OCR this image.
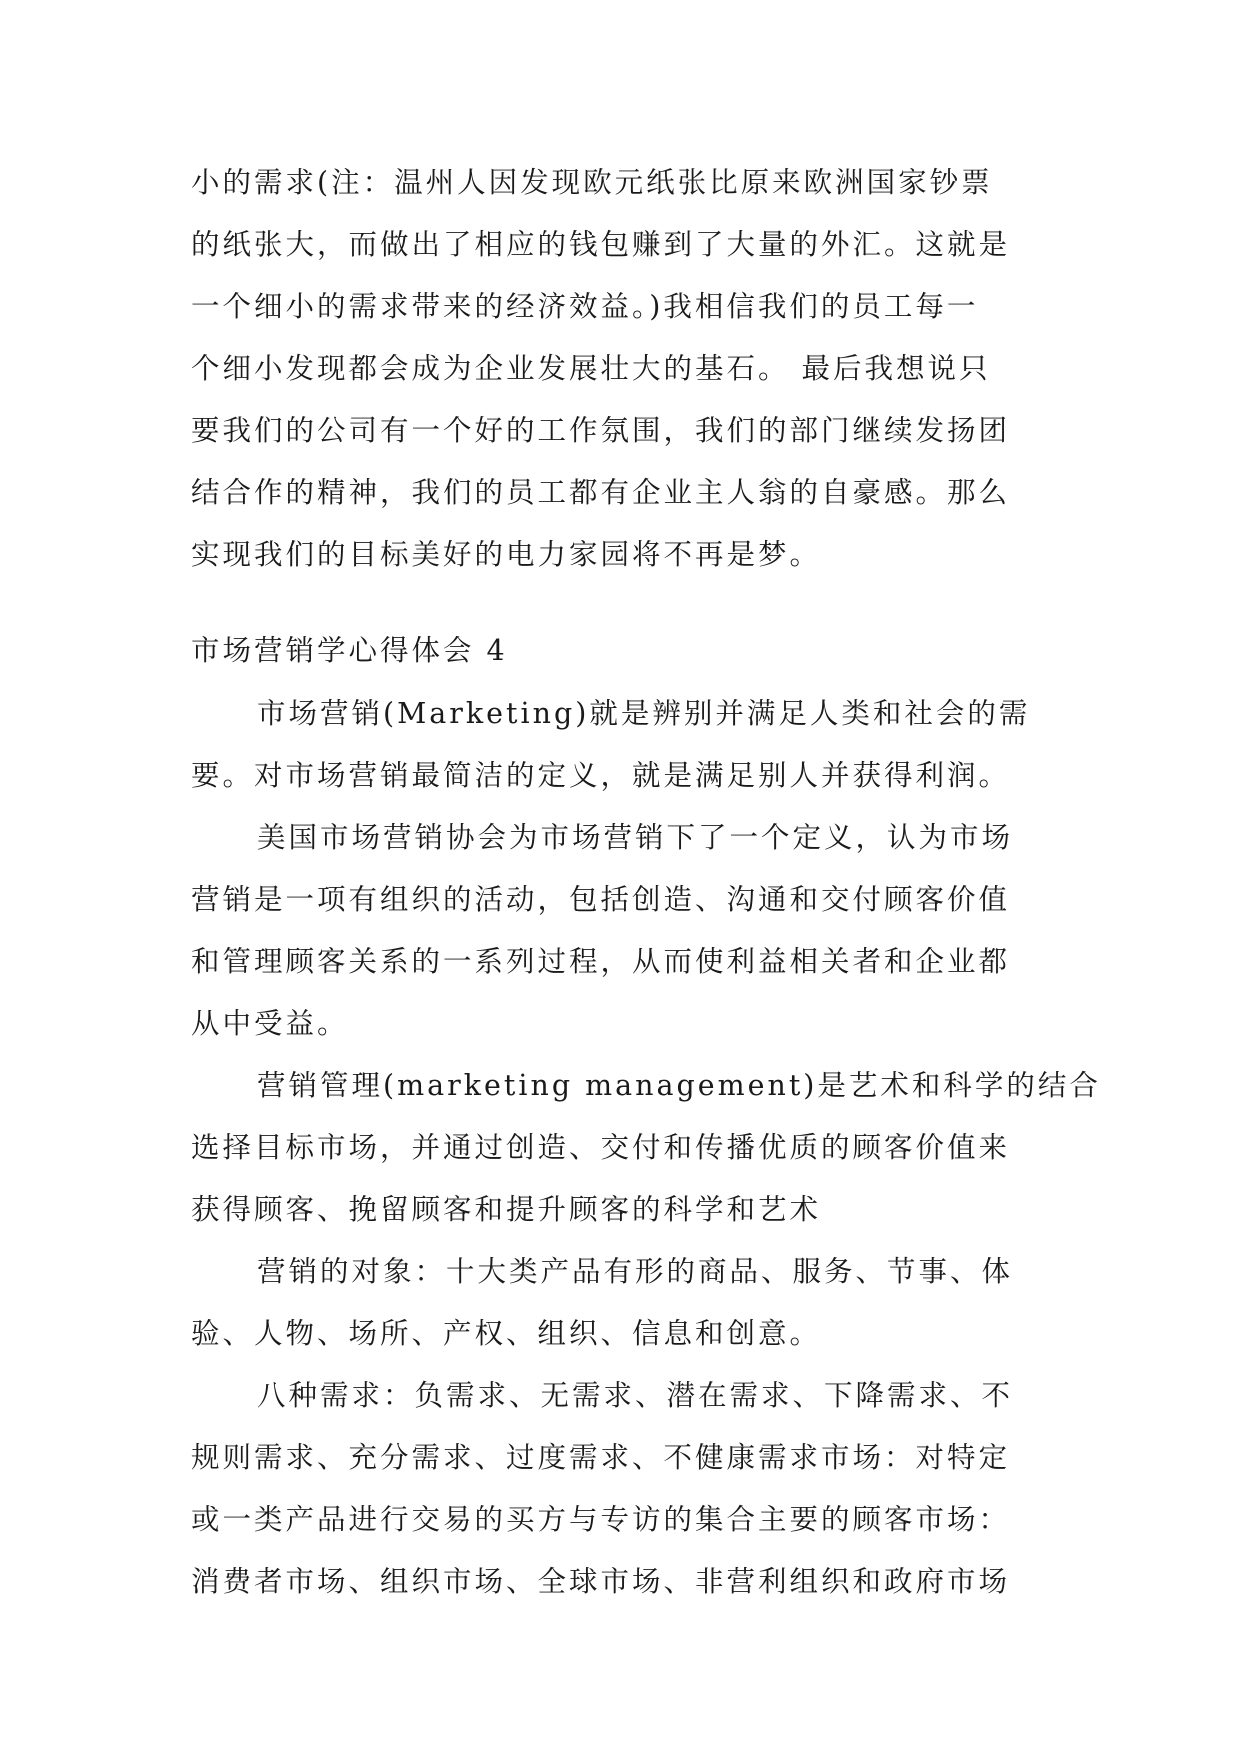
小的需求(注：温州人因发现欧元纸张比原来欧洲国家钞票
的纸张大，而做出了相应的钱包赚到了大量的外汇。这就是
一个细小的需求带来的经济效益。)我相信我们的员工每一
个细小发现都会成为企业发展壮大的基石。 最后我想说只
要我们的公司有一个好的工作氛围，我们的部门继续发扬团
结合作的精神，我们的员工都有企业主人翁的自豪感。那么
实现我们的目标美好的电力家园将不再是梦。
市场营销学心得体会 4
市场营销(Marketing)就是辨别并满足人类和社会的需
要。对市场营销最简洁的定义，就是满足别人并获得利润。
美国市场营销协会为市场营销下了一个定义，认为市场
营销是一项有组织的活动，包括创造、沟通和交付顾客价值
和管理顾客关系的一系列过程，从而使利益相关者和企业都
从中受益。
营销管理(marketing management)是艺术和科学的结合
选择目标市场，并通过创造、交付和传播优质的顾客价值来
获得顾客、挽留顾客和提升顾客的科学和艺术
营销的对象：十大类产品有形的商品、服务、节事、体
验、人物、场所、产权、组织、信息和创意。
八种需求：负需求、无需求、潜在需求、下降需求、不
规则需求、充分需求、过度需求、不健康需求市场：对特定
或一类产品进行交易的买方与专访的集合主要的顾客市场：
消费者市场、组织市场、全球市场、非营利组织和政府市场
